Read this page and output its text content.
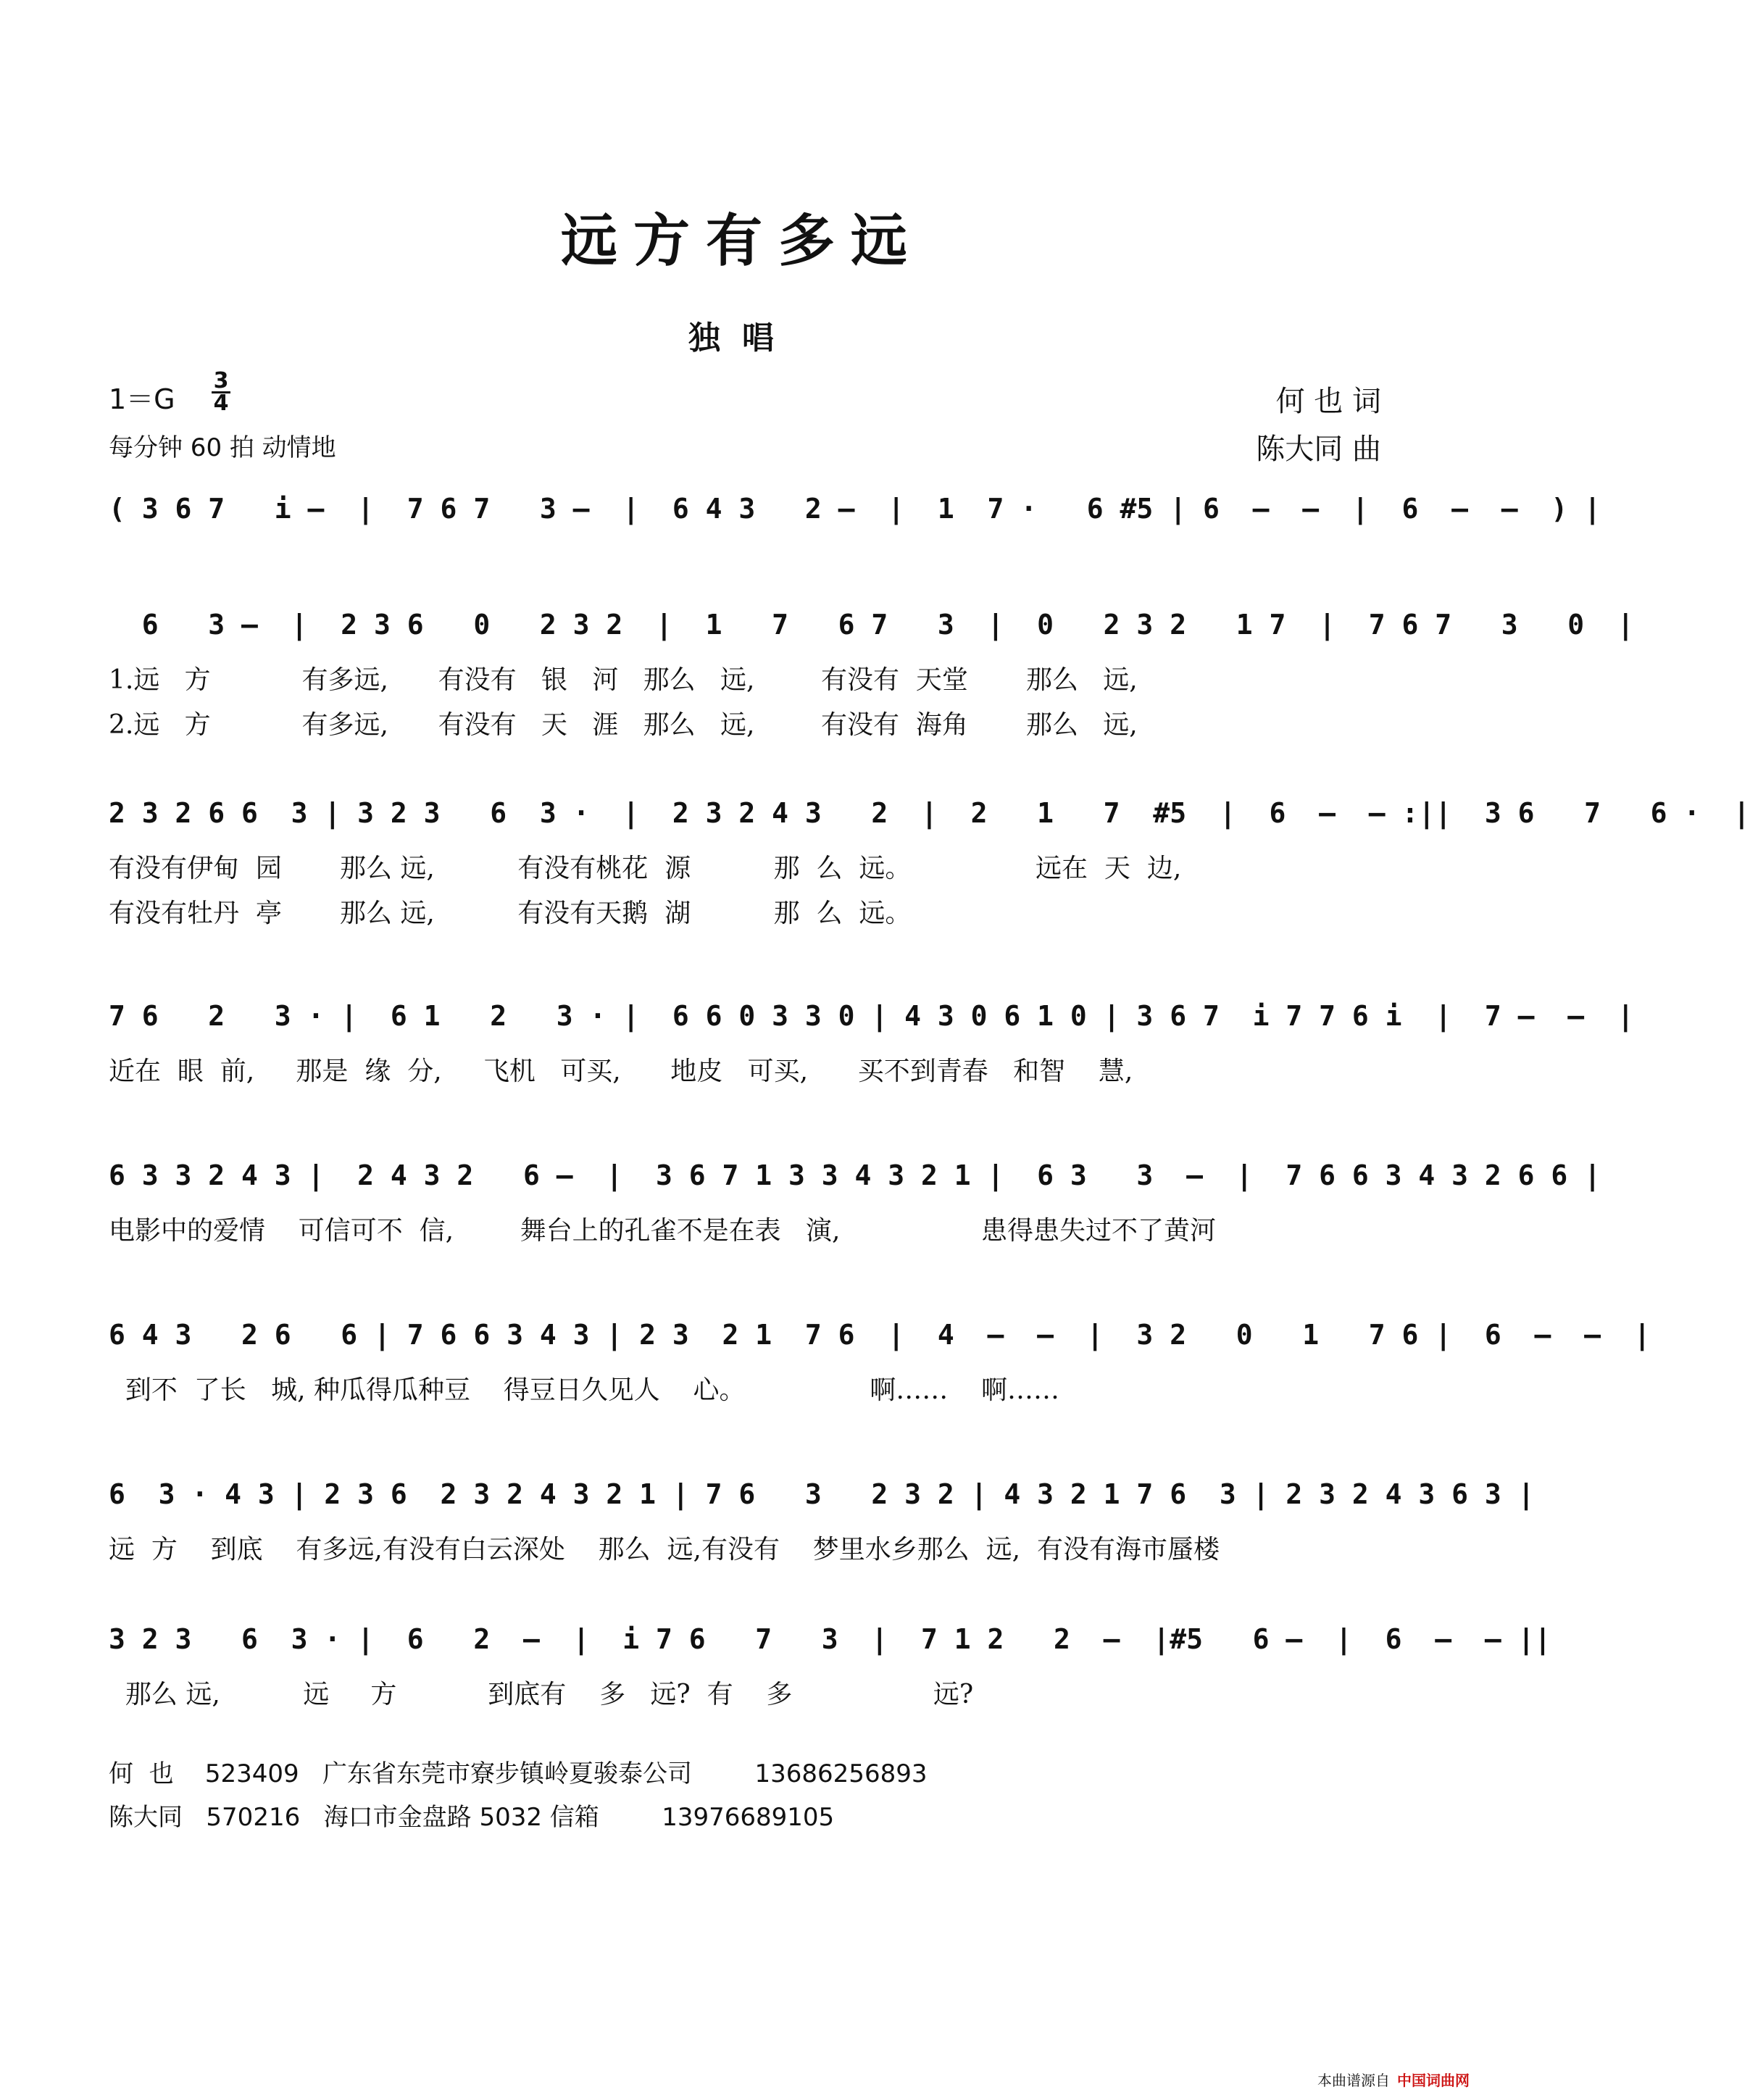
远方有多远
独唱
1＝G
3
4
每分钟 60 拍 动情地
何 也 词
陈大同 曲
( 3 6 7   i –  |  7 6 7   3 –  |  6 4 3   2 –  |  1  7 ·   6 #5 | 6  –  –  |  6  –  –  ) |
6   3 –  |  2 3 6   0   2 3 2  |  1   7   6 7   3  |  0   2 3 2   1 7  |  7 6 7   3   0  |
1.远   方           有多远,      有没有   银   河   那么   远,        有没有  天堂       那么   远,
2.远   方           有多远,      有没有   天   涯   那么   远,        有没有  海角       那么   远,
2 3 2 6 6  3 | 3 2 3   6  3 ·  |  2 3 2 4 3   2  |  2   1   7  #5  |  6  –  – :||  3 6   7   6 ·  |
有没有伊甸  园       那么 远,          有没有桃花  源          那  么  远。               远在  天  边,
有没有牡丹  亭       那么 远,          有没有天鹅  湖          那  么  远。
7 6   2   3 · |  6 1   2   3 · |  6 6 0 3 3 0 | 4 3 0 6 1 0 | 3 6 7  i 7 7 6 i  |  7 –  –  |
近在  眼  前,     那是  缘  分,     飞机   可买,      地皮   可买,      买不到青春   和智    慧,
6 3 3 2 4 3 |  2 4 3 2   6 –  |  3 6 7 1 3 3 4 3 2 1 |  6 3   3  –  |  7 6 6 3 4 3 2 6 6 |
电影中的爱情    可信可不  信,        舞台上的孔雀不是在表   演,                 患得患失过不了黄河
6 4 3   2 6   6 | 7 6 6 3 4 3 | 2 3  2 1  7 6  |  4  –  –  |  3 2   0   1   7 6 |  6  –  –  |
到不  了长   城, 种瓜得瓜种豆    得豆日久见人    心。               啊……    啊……
6  3 · 4 3 | 2 3 6  2 3 2 4 3 2 1 | 7 6   3   2 3 2 | 4 3 2 1 7 6  3 | 2 3 2 4 3 6 3 |
远  方    到底    有多远,有没有白云深处    那么  远,有没有    梦里水乡那么  远,  有没有海市蜃楼
3 2 3   6  3 · |  6   2  –  |  i 7 6   7   3  |  7 1 2   2  –  |#5   6 –  |  6  –  – ||
那么 远,          远     方           到底有    多   远?  有    多                 远?
何  也    523409   广东省东莞市寮步镇岭夏骏泰公司        13686256893
陈大同   570216   海口市金盘路 5032 信箱        13976689105
本曲谱源自 中国词曲网
